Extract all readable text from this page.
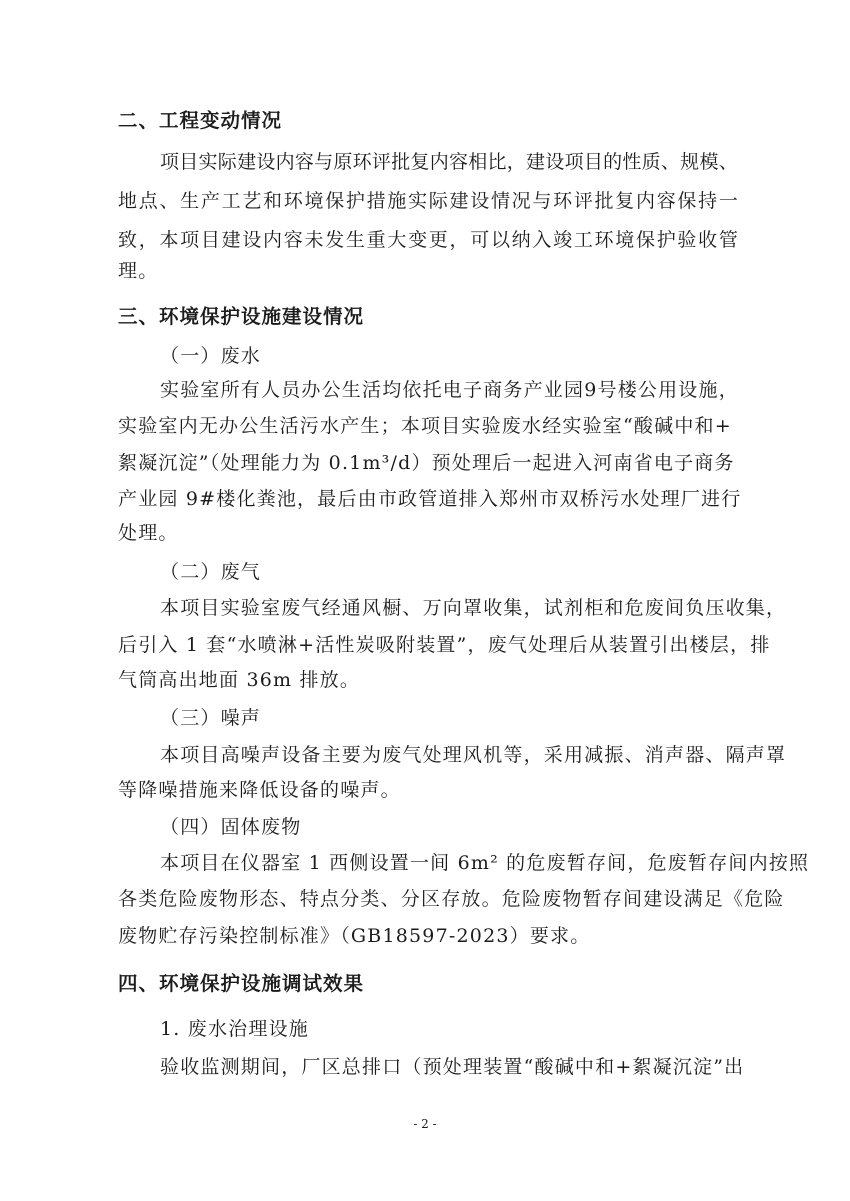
二、工程变动情况
项 目 实 际 建 设 内 容 与 原 环 评 批 复 内 容 相 比 ， 建 设 项 目 的 性 质 、 规 模 、
地 点 、 生 产 工 艺 和 环 境 保 护 措 施 实 际 建 设 情 况 与 环 评 批 复 内 容 保 持 一
致 ， 本 项 目 建 设 内 容 未 发 生 重 大 变 更 ， 可 以 纳 入 竣 工 环 境 保 护 验 收 管
理。
三、环境保护设施建设情况
（一）废水
实验室所有人员办公生活均依托电子商务产业园9号楼公用设施，
实验室内无办公生活污水产生；本项目实验废水经实验室“酸碱中和+
絮凝沉淀”（处理能力为 0.1m³/d）预处理后一起进入河南省电子商务
产业园 9#楼化粪池，最后由市政管道排入郑州市双桥污水处理厂进行
处理。
（二）废气
本项目实验室废气经通风橱、万向罩收集，试剂柜和危废间负压收集，
后引入 1 套“水喷淋+活性炭吸附装置”，废气处理后从装置引出楼层，排
气筒高出地面 36m 排放。
（三）噪声
本项目高噪声设备主要为废气处理风机等，采用减振、消声器、隔声罩
等降噪措施来降低设备的噪声。
（四）固体废物
本项目在仪器室 1 西侧设置一间 6m² 的危废暂存间，危废暂存间内按照
各类危险废物形态、特点分类、分区存放。危险废物暂存间建设满足《危险
废物贮存污染控制标准》（GB18597-2023）要求。
四、环境保护设施调试效果
1. 废水治理设施
验收监测期间，厂区总排口（预处理装置“酸碱中和+絮凝沉淀”出
- 2 -
